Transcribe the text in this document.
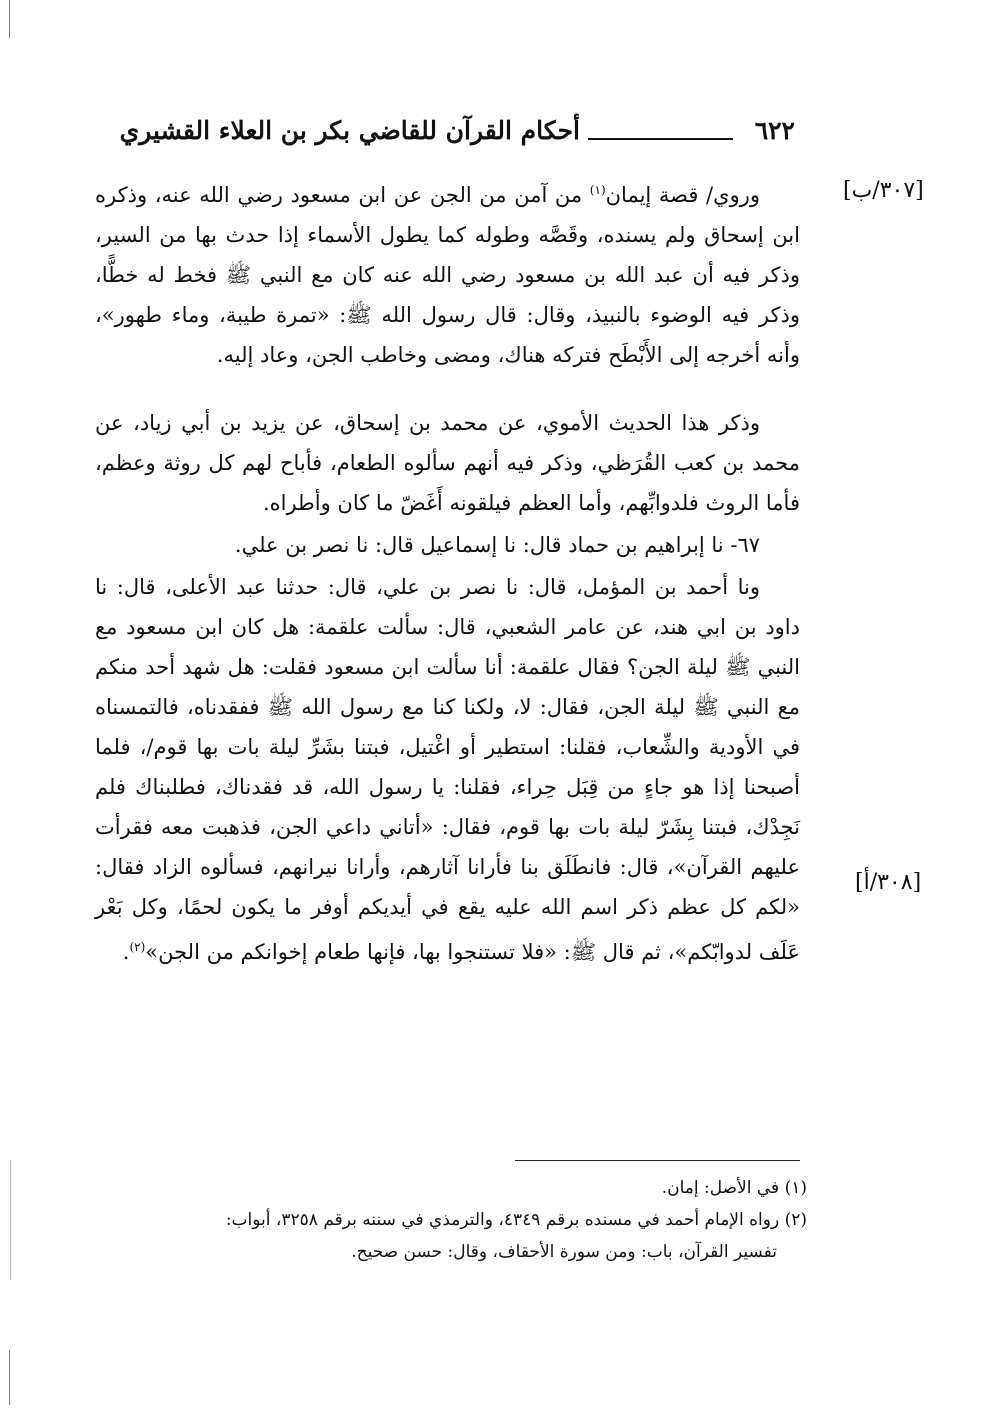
٦٢٢
أحكام القرآن للقاضي بكر بن العلاء القشيري
[٣٠٧/ب]
[٣٠٨/أ]

وروي/ قصة إيمان$^{(١)}$ من آمن من الجن عن ابن مسعود رضي الله عنه، وذكره ابن إسحاق ولم يسنده، وقَصَّه وطوله كما يطول الأسماء إذا حدث بها من السير، وذكر فيه أن عبد الله بن مسعود رضي الله عنه كان مع النبي ﷺ فخط له خطًّا، وذكر فيه الوضوء بالنبيذ، وقال: قال رسول الله ﷺ: «تمرة طيبة، وماء طهور»، وأنه أخرجه إلى الأَبْطَح فتركه هناك، ومضى وخاطب الجن، وعاد إليه.

وذكر هذا الحديث الأموي، عن محمد بن إسحاق، عن يزيد بن أبي زياد، عن محمد بن كعب القُرَظي، وذكر فيه أنهم سألوه الطعام، فأباح لهم كل روثة وعظم، فأما الروث فلدوابِّهم، وأما العظم فيلقونه أَغَضّ ما كان وأطراه.

٦٧- نا إبراهيم بن حماد قال: نا إسماعيل قال: نا نصر بن علي.

ونا أحمد بن المؤمل، قال: نا نصر بن علي، قال: حدثنا عبد الأعلى، قال: نا داود بن ابي هند، عن عامر الشعبي، قال: سألت علقمة: هل كان ابن مسعود مع النبي ﷺ ليلة الجن؟ فقال علقمة: أنا سألت ابن مسعود فقلت: هل شهد أحد منكم مع النبي ﷺ ليلة الجن، فقال: لا، ولكنا كنا مع رسول الله ﷺ ففقدناه، فالتمسناه في الأودية والشِّعاب، فقلنا: استطير أو اغْتيل، فبتنا بشَرِّ ليلة بات بها قوم/، فلما أصبحنا إذا هو جاءٍ من قِبَل حِراء، فقلنا: يا رسول الله، قد فقدناك، فطلبناك فلم نَجِدْك، فبتنا بِشَرّ ليلة بات بها قوم، فقال: «أتاني داعي الجن، فذهبت معه فقرأت عليهم القرآن»، قال: فانطَلَق بنا فأرانا آثارهم، وأرانا نيرانهم، فسألوه الزاد فقال: «لكم كل عظم ذكر اسم الله عليه يقع في أيديكم أوفر ما يكون لحمًا، وكل بَعْر عَلَف لدوابّكم»، ثم قال ﷺ: «فلا تستنجوا بها، فإنها طعام إخوانكم من الجن»$^{(٢)}$.

(١) في الأصل: إمان.

(٢) رواه الإمام أحمد في مسنده برقم ٤٣٤٩، والترمذي في سننه برقم ٣٢٥٨، أبواب:
تفسير القرآن، باب: ومن سورة الأحقاف، وقال: حسن صحيح.
